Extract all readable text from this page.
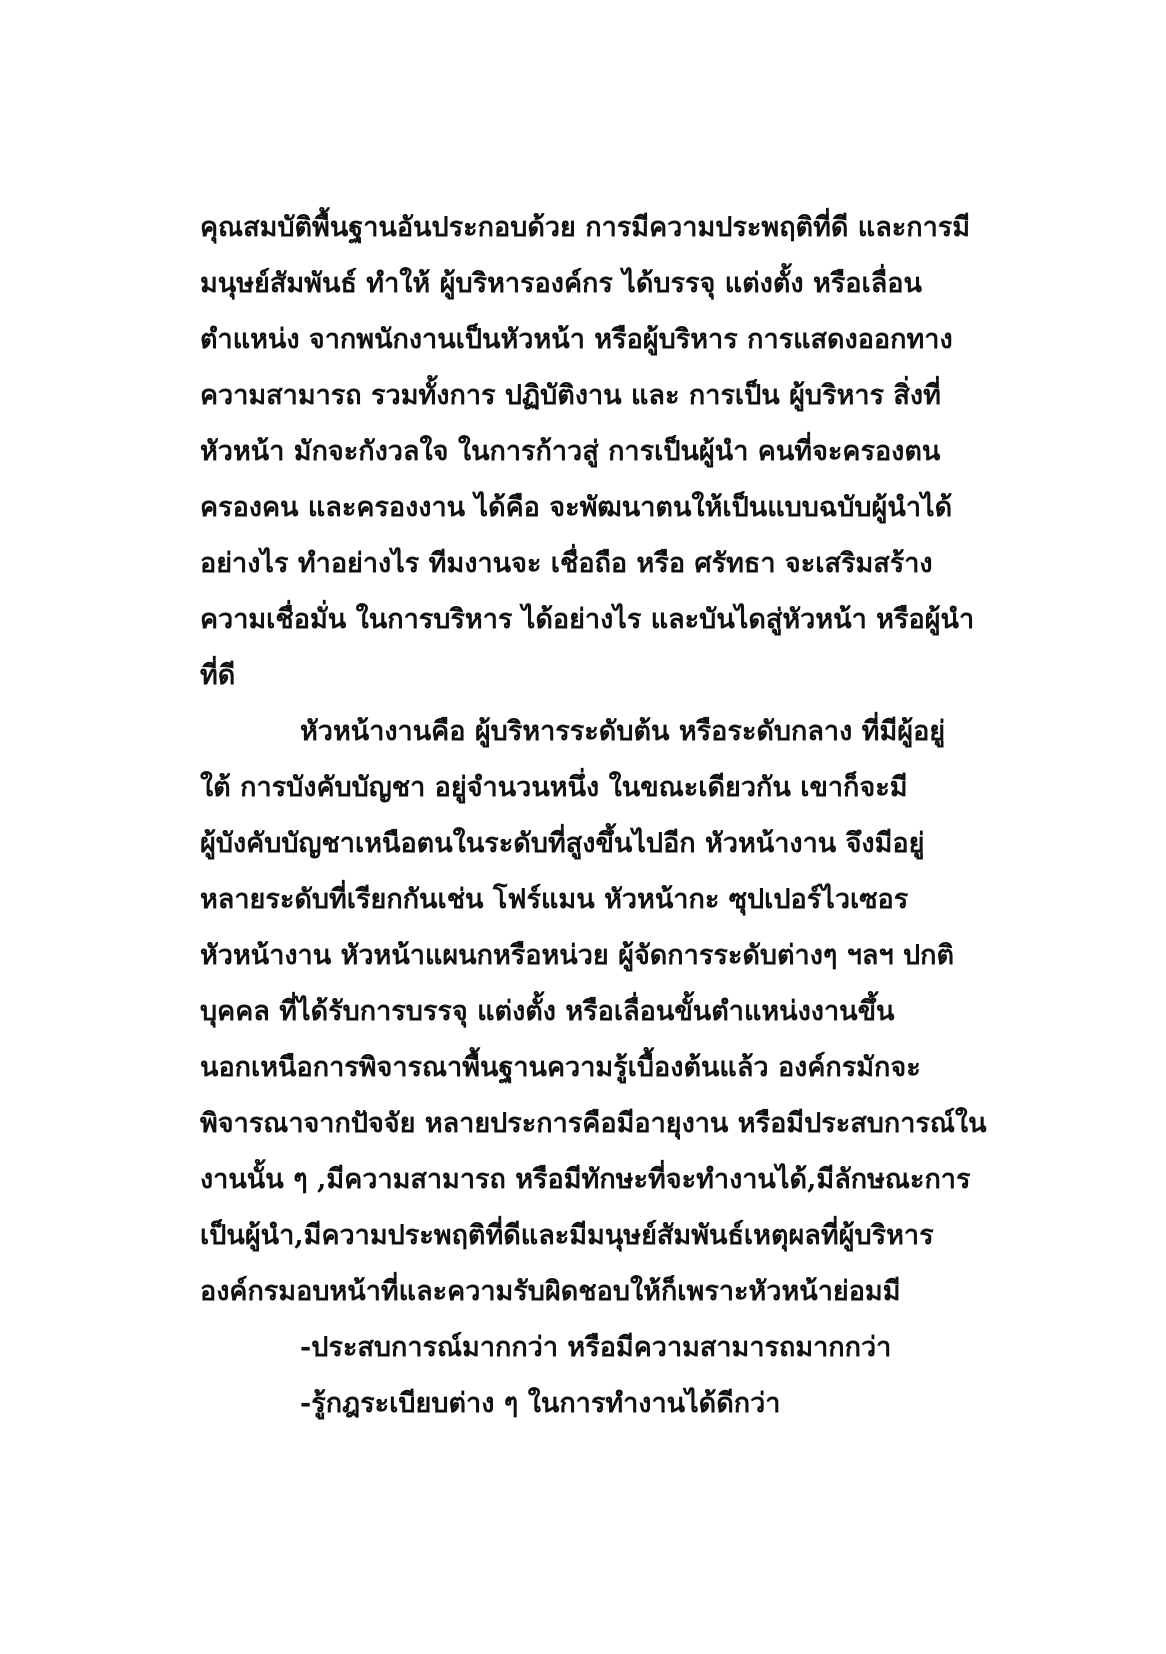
คุณสมบัติพื้นฐานอันประกอบด้วย การมีความประพฤติที่ดี และการมี
มนุษย์สัมพันธ์ ทำให้ ผู้บริหารองค์กร ได้บรรจุ แต่งตั้ง หรือเลื่อน
ตำแหน่ง จากพนักงานเป็นหัวหน้า หรือผู้บริหาร การแสดงออกทาง
ความสามารถ รวมทั้งการ ปฏิบัติงาน และ การเป็น ผู้บริหาร สิ่งที่
หัวหน้า มักจะกังวลใจ ในการก้าวสู่ การเป็นผู้นำ คนที่จะครองตน
ครองคน และครองงาน ได้คือ จะพัฒนาตนให้เป็นแบบฉบับผู้นำได้
อย่างไร ทำอย่างไร ทีมงานจะ เชื่อถือ หรือ ศรัทธา จะเสริมสร้าง
ความเชื่อมั่น ในการบริหาร ได้อย่างไร และบันไดสู่หัวหน้า หรือผู้นำ
ที่ดี
หัวหน้างานคือ ผู้บริหารระดับต้น หรือระดับกลาง ที่มีผู้อยู่
ใต้ การบังคับบัญชา อยู่จำนวนหนึ่ง ในขณะเดียวกัน เขาก็จะมี
ผู้บังคับบัญชาเหนือตนในระดับที่สูงขึ้นไปอีก หัวหน้างาน จึงมีอยู่
หลายระดับที่เรียกกันเช่น โฟร์แมน หัวหน้ากะ ซุปเปอร์ไวเซอร
หัวหน้างาน หัวหน้าแผนกหรือหน่วย ผู้จัดการระดับต่างๆ ฯลฯ ปกติ
บุคคล ที่ได้รับการบรรจุ แต่งตั้ง หรือเลื่อนขั้นตำแหน่งงานขึ้น
นอกเหนือการพิจารณาพื้นฐานความรู้เบื้องต้นแล้ว องค์กรมักจะ
พิจารณาจากปัจจัย หลายประการคือมีอายุงาน หรือมีประสบการณ์ใน
งานนั้น ๆ ,มีความสามารถ หรือมีทักษะที่จะทำงานได้,มีลักษณะการ
เป็นผู้นำ,มีความประพฤติที่ดีและมีมนุษย์สัมพันธ์เหตุผลที่ผู้บริหาร
องค์กรมอบหน้าที่และความรับผิดชอบให้ก็เพราะหัวหน้าย่อมมี
-ประสบการณ์มากกว่า หรือมีความสามารถมากกว่า
-รู้กฎระเบียบต่าง ๆ ในการทำงานได้ดีกว่า
